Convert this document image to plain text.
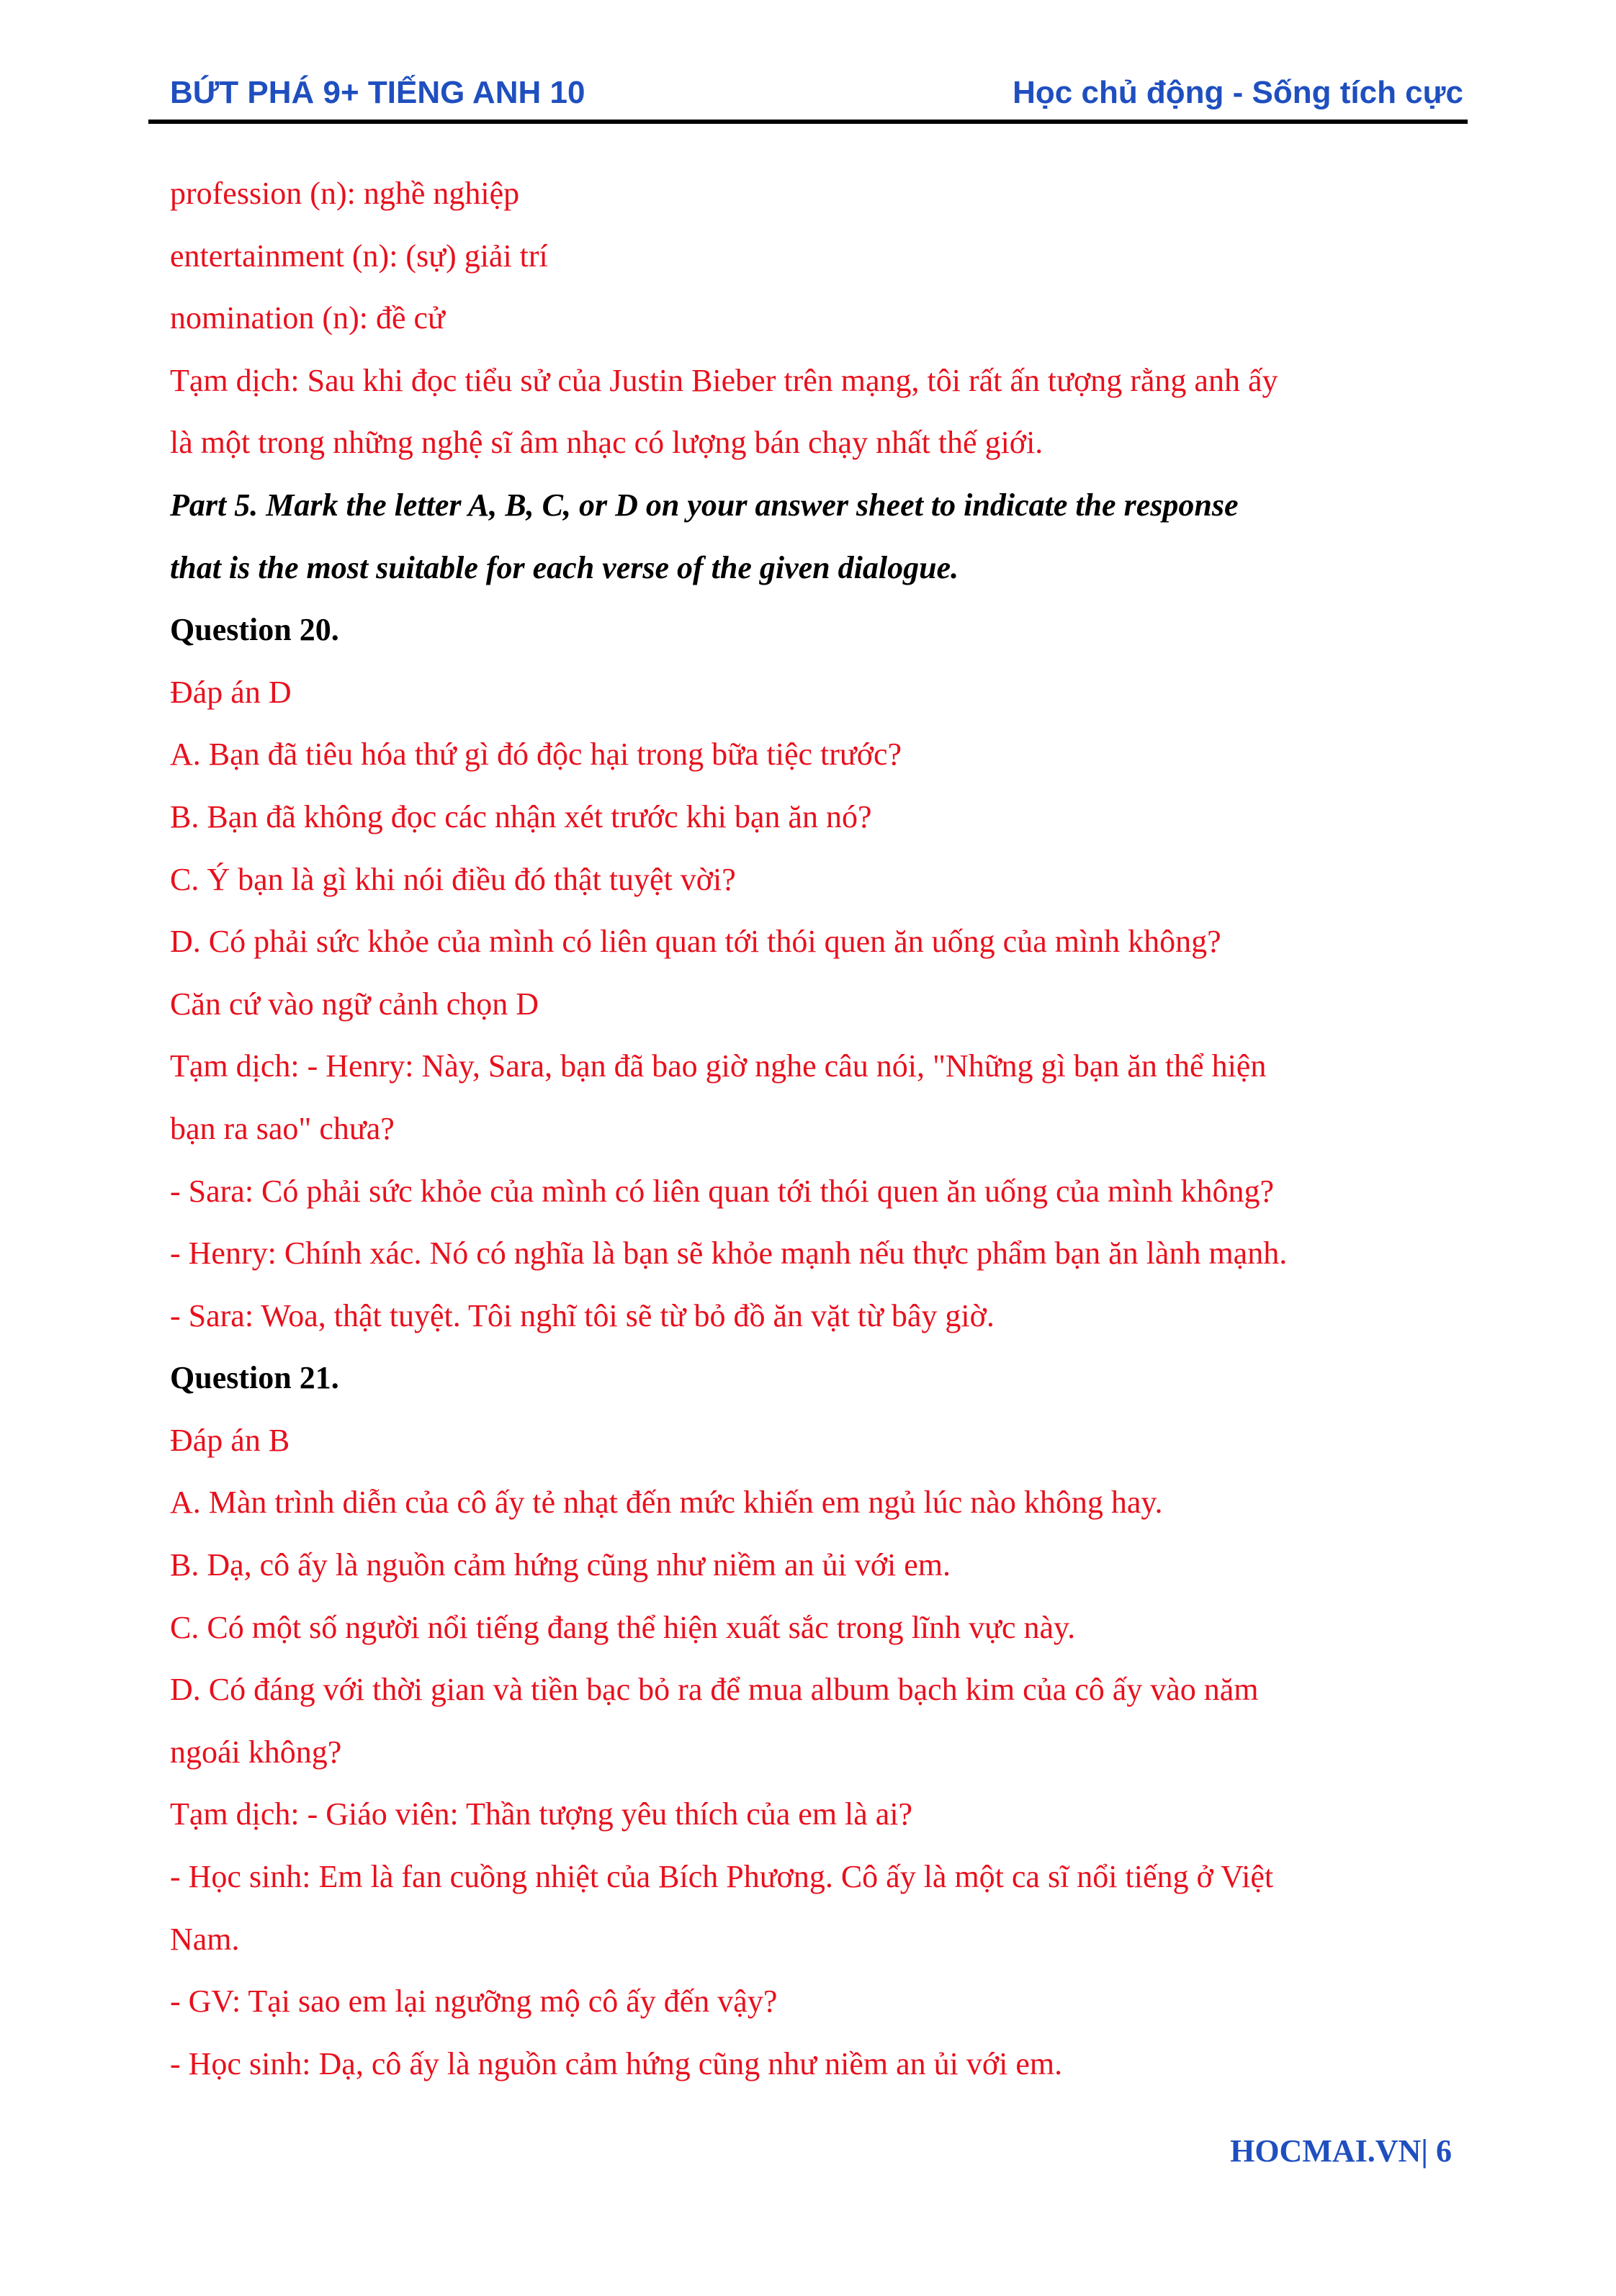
BỨT PHÁ 9+ TIẾNG ANH 10	Học chủ động - Sống tích cực
profession (n): nghề nghiệp
entertainment (n): (sự) giải trí
nomination (n): đề cử
Tạm dịch: Sau khi đọc tiểu sử của Justin Bieber trên mạng, tôi rất ấn tượng rằng anh ấy
là một trong những nghệ sĩ âm nhạc có lượng bán chạy nhất thế giới.
Part 5. Mark the letter A, B, C, or D on your answer sheet to indicate the response
that is the most suitable for each verse of the given dialogue.
Question 20.
Đáp án D
A. Bạn đã tiêu hóa thứ gì đó độc hại trong bữa tiệc trước?
B. Bạn đã không đọc các nhận xét trước khi bạn ăn nó?
C. Ý bạn là gì khi nói điều đó thật tuyệt vời?
D. Có phải sức khỏe của mình có liên quan tới thói quen ăn uống của mình không?
Căn cứ vào ngữ cảnh chọn D
Tạm dịch: - Henry: Này, Sara, bạn đã bao giờ nghe câu nói, "Những gì bạn ăn thể hiện
bạn ra sao" chưa?
- Sara: Có phải sức khỏe của mình có liên quan tới thói quen ăn uống của mình không?
- Henry: Chính xác. Nó có nghĩa là bạn sẽ khỏe mạnh nếu thực phẩm bạn ăn lành mạnh.
- Sara: Woa, thật tuyệt. Tôi nghĩ tôi sẽ từ bỏ đồ ăn vặt từ bây giờ.
Question 21.
Đáp án B
A. Màn trình diễn của cô ấy tẻ nhạt đến mức khiến em ngủ lúc nào không hay.
B. Dạ, cô ấy là nguồn cảm hứng cũng như niềm an ủi với em.
C. Có một số người nổi tiếng đang thể hiện xuất sắc trong lĩnh vực này.
D. Có đáng với thời gian và tiền bạc bỏ ra để mua album bạch kim của cô ấy vào năm
ngoái không?
Tạm dịch: - Giáo viên: Thần tượng yêu thích của em là ai?
- Học sinh: Em là fan cuồng nhiệt của Bích Phương. Cô ấy là một ca sĩ nổi tiếng ở Việt
Nam.
- GV: Tại sao em lại ngưỡng mộ cô ấy đến vậy?
- Học sinh: Dạ, cô ấy là nguồn cảm hứng cũng như niềm an ủi với em.
HOCMAI.VN| 6
